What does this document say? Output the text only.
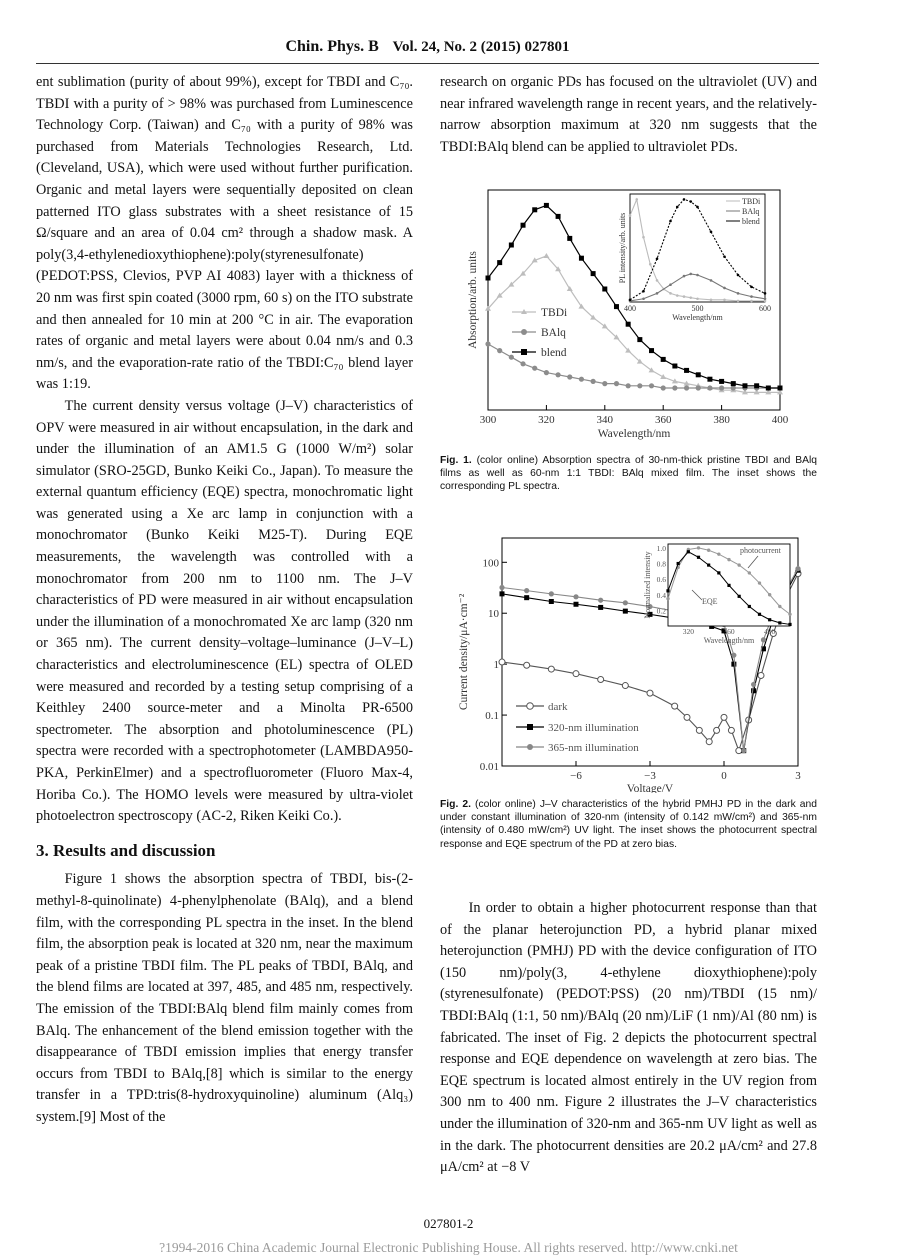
Chin. Phys. B Vol. 24, No. 2 (2015) 027801

ent sublimation (purity of about 99%), except for TBDI and C₇₀. TBDI with a purity of > 98% was purchased from Luminescence Technology Corp. (Taiwan) and C₇₀ with a purity of 98% was purchased from Materials Technologies Research, Ltd. (Cleveland, USA), which were used without further purification. Organic and metal layers were sequentially deposited on clean patterned ITO glass substrates with a sheet resistance of 15 Ω/square and an area of 0.04 cm² through a shadow mask. A poly(3,4-ethylenedioxythiophene):poly(styrenesulfonate)(PEDOT:PSS, Clevios, PVP AI 4083) layer with a thickness of 20 nm was first spin coated (3000 rpm, 60 s) on the ITO substrate and then annealed for 10 min at 200 °C in air. The evaporation rates of organic and metal layers were about 0.04 nm/s and 0.3 nm/s, and the evaporation-rate ratio of the TBDI:C₇₀ blend layer was 1:19.

The current density versus voltage (J–V) characteristics of OPV were measured in air without encapsulation, in the dark and under the illumination of an AM1.5 G (1000 W/m²) solar simulator (SRO-25GD, Bunko Keiki Co., Japan). To measure the external quantum efficiency (EQE) spectra, monochromatic light was generated using a Xe arc lamp in conjunction with a monochromator (Bunko Keiki M25-T). During EQE measurements, the wavelength was controlled with a monochromator from 200 nm to 1100 nm. The J–V characteristics of PD were measured in air without encapsulation under the illumination of a monochromated Xe arc lamp (320 nm or 365 nm). The current density–voltage–luminance (J–V–L) characteristics and electroluminescence (EL) spectra of OLED were measured and recorded by a testing setup comprising of a Keithley 2400 source-meter and a Minolta PR-6500 spectrometer. The absorption and photoluminescence (PL) spectra were recorded with a spectrophotometer (LAMBDA950-PKA, PerkinElmer) and a spectrofluorometer (Fluoro Max-4, Horiba Co.). The HOMO levels were measured by ultra-violet photoelectron spectroscopy (AC-2, Riken Keiki Co.).

3. Results and discussion

Figure 1 shows the absorption spectra of TBDI, bis-(2-methyl-8-quinolinate) 4-phenylphenolate (BAlq), and a blend film, with the corresponding PL spectra in the inset. In the blend film, the absorption peak is located at 320 nm, near the maximum peak of a pristine TBDI film. The PL peaks of TBDI, BAlq, and the blend films are located at 397, 485, and 485 nm, respectively. The emission of the TBDI:BAlq blend film mainly comes from BAlq. The enhancement of the blend emission together with the disappearance of TBDI emission implies that energy transfer occurs from TBDI to BAlq,[8] which is similar to the energy transfer in a TPD:tris(8-hydroxyquinoline) aluminum (Alq₃) system.[9] Most of the

research on organic PDs has focused on the ultraviolet (UV) and near infrared wavelength range in recent years, and the relatively-narrow absorption maximum at 320 nm suggests that the TBDI:BAlq blend can be applied to ultraviolet PDs.

300	320	340	360	380	400
Wavelength/nm
Absorption/arb. units	TBDi
BAlq
blend
400	500	600
Wavelength/nm
PL intensity/arb. units
TBDi
BAlq
blend
Fig. 1. (color online) Absorption spectra of 30-nm-thick pristine TBDI and BAlq films as well as 60-nm 1:1 TBDI: BAlq mixed film. The inset shows the corresponding PL spectra.
−6	−3	0	3
0.01
0.1
1
10
100
Voltage/V
Current density/μA·cm⁻²	dark
320-nm illumination
365-nm illumination
0.2
0.4
0.6
0.8
1.0
320	360	400
Wavelength/nm
Normalized intensity
photocurrent
EQE
Fig. 2. (color online) J–V characteristics of the hybrid PMHJ PD in the dark and under constant illumination of 320-nm (intensity of 0.142 mW/cm²) and 365-nm (intensity of 0.480 mW/cm²) UV light. The inset shows the photocurrent spectral response and EQE spectrum of the PD at zero bias.

In order to obtain a higher photocurrent response than that of the planar heterojunction PD, a hybrid planar mixed heterojunction (PMHJ) PD with the device configuration of ITO (150 nm)/poly(3, 4-ethylene dioxythiophene):poly (styrenesulfonate) (PEDOT:PSS) (20 nm)/TBDI (15 nm)/ TBDI:BAlq (1:1, 50 nm)/BAlq (20 nm)/LiF (1 nm)/Al (80 nm) is fabricated. The inset of Fig. 2 depicts the photocurrent spectral response and EQE dependence on wavelength at zero bias. The EQE spectrum is located almost entirely in the UV region from 300 nm to 400 nm. Figure 2 illustrates the J–V characteristics under the illumination of 320-nm and 365-nm UV light as well as in the dark. The photocurrent densities are 20.2 μA/cm² and 27.8 μA/cm² at −8 V

027801-2
?1994-2016 China Academic Journal Electronic Publishing House. All rights reserved. http://www.cnki.net
